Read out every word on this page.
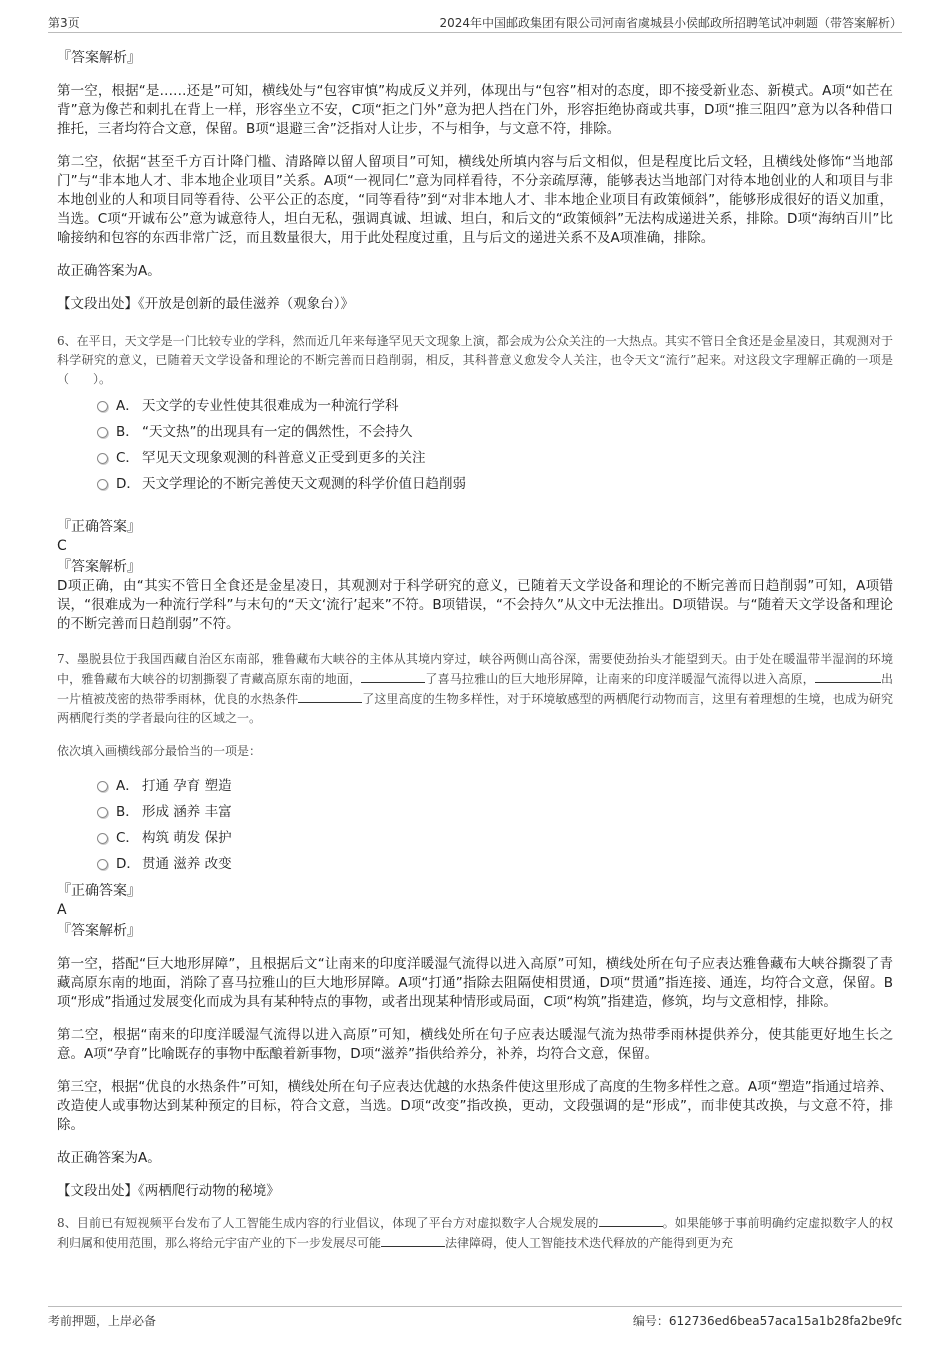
第3页	2024年中国邮政集团有限公司河南省虞城县小侯邮政所招聘笔试冲刺题（带答案解析）
『答案解析』

第一空，根据“是……还是”可知，横线处与“包容审慎”构成反义并列，体现出与“包容”相对的态度，即不接受新业态、新模式。A项“如芒在背”意为像芒和刺扎在背上一样，形容坐立不安，C项“拒之门外”意为把人挡在门外，形容拒绝协商或共事，D项“推三阻四”意为以各种借口推托，三者均符合文意，保留。B项“退避三舍”泛指对人让步，不与相争，与文意不符，排除。

第二空，依据“甚至千方百计降门槛、清路障以留人留项目”可知，横线处所填内容与后文相似，但是程度比后文轻，且横线处修饰“当地部门”与“非本地人才、非本地企业项目”关系。A项“一视同仁”意为同样看待，不分亲疏厚薄，能够表达当地部门对待本地创业的人和项目与非本地创业的人和项目同等看待、公平公正的态度，“同等看待”到“对非本地人才、非本地企业项目有政策倾斜”，能够形成很好的语义加重，当选。C项“开诚布公”意为诚意待人，坦白无私，强调真诚、坦诚、坦白，和后文的“政策倾斜”无法构成递进关系，排除。D项“海纳百川”比喻接纳和包容的东西非常广泛，而且数量很大，用于此处程度过重，且与后文的递进关系不及A项准确，排除。

故正确答案为A。

【文段出处】《开放是创新的最佳滋养（观象台）》

6、在平日，天文学是一门比较专业的学科，然而近几年来每逢罕见天文现象上演，都会成为公众关注的一大热点。其实不管日全食还是金星凌日，其观测对于科学研究的意义，已随着天文学设备和理论的不断完善而日趋削弱，相反，其科普意义愈发令人关注，也令天文“流行”起来。对这段文字理解正确的一项是（　　）。

A． 天文学的专业性使其很难成为一种流行学科
B． “天文热”的出现具有一定的偶然性，不会持久
C． 罕见天文现象观测的科普意义正受到更多的关注
D． 天文学理论的不断完善使天文观测的科学价值日趋削弱
『正确答案』
C
『答案解析』

D项正确，由“其实不管日全食还是金星凌日，其观测对于科学研究的意义，已随着天文学设备和理论的不断完善而日趋削弱”可知，A项错误，“很难成为一种流行学科”与末句的“天文‘流行’起来”不符。B项错误，“不会持久”从文中无法推出。D项错误。与“随着天文学设备和理论的不断完善而日趋削弱”不符。

7、墨脱县位于我国西藏自治区东南部，雅鲁藏布大峡谷的主体从其境内穿过，峡谷两侧山高谷深，需要使劲抬头才能望到天。由于处在暖温带半湿润的环境中，雅鲁藏布大峡谷的切割撕裂了青藏高原东南的地面，	了喜马拉雅山的巨大地形屏障，让南来的印度洋暖湿气流得以进入高原，	出一片植被茂密的热带季雨林，优良的水热条件	了这里高度的生物多样性，对于环境敏感型的两栖爬行动物而言，这里有着理想的生境，也成为研究两栖爬行类的学者最向往的区域之一。

依次填入画横线部分最恰当的一项是：

A． 打通 孕育 塑造
B． 形成 涵养 丰富
C． 构筑 萌发 保护
D． 贯通 滋养 改变
『正确答案』
A
『答案解析』

第一空，搭配“巨大地形屏障”，且根据后文“让南来的印度洋暖湿气流得以进入高原”可知，横线处所在句子应表达雅鲁藏布大峡谷撕裂了青藏高原东南的地面，消除了喜马拉雅山的巨大地形屏障。A项“打通”指除去阻隔使相贯通，D项“贯通”指连接、通连，均符合文意，保留。B项“形成”指通过发展变化而成为具有某种特点的事物，或者出现某种情形或局面，C项“构筑”指建造，修筑，均与文意相悖，排除。

第二空，根据“南来的印度洋暖湿气流得以进入高原”可知，横线处所在句子应表达暖湿气流为热带季雨林提供养分，使其能更好地生长之意。A项“孕育”比喻既存的事物中酝酿着新事物，D项“滋养”指供给养分，补养，均符合文意，保留。

第三空，根据“优良的水热条件”可知，横线处所在句子应表达优越的水热条件使这里形成了高度的生物多样性之意。A项“塑造”指通过培养、改造使人或事物达到某种预定的目标，符合文意，当选。D项“改变”指改换，更动，文段强调的是“形成”，而非使其改换，与文意不符，排除。

故正确答案为A。

【文段出处】《两栖爬行动物的秘境》

8、目前已有短视频平台发布了人工智能生成内容的行业倡议，体现了平台方对虚拟数字人合规发展的	。如果能够于事前明确约定虚拟数字人的权利归属和使用范围，那么将给元宇宙产业的下一步发展尽可能	法律障碍，使人工智能技术迭代释放的产能得到更为充

考前押题，上岸必备	编号：612736ed6bea57aca15a1b28fa2be9fc
